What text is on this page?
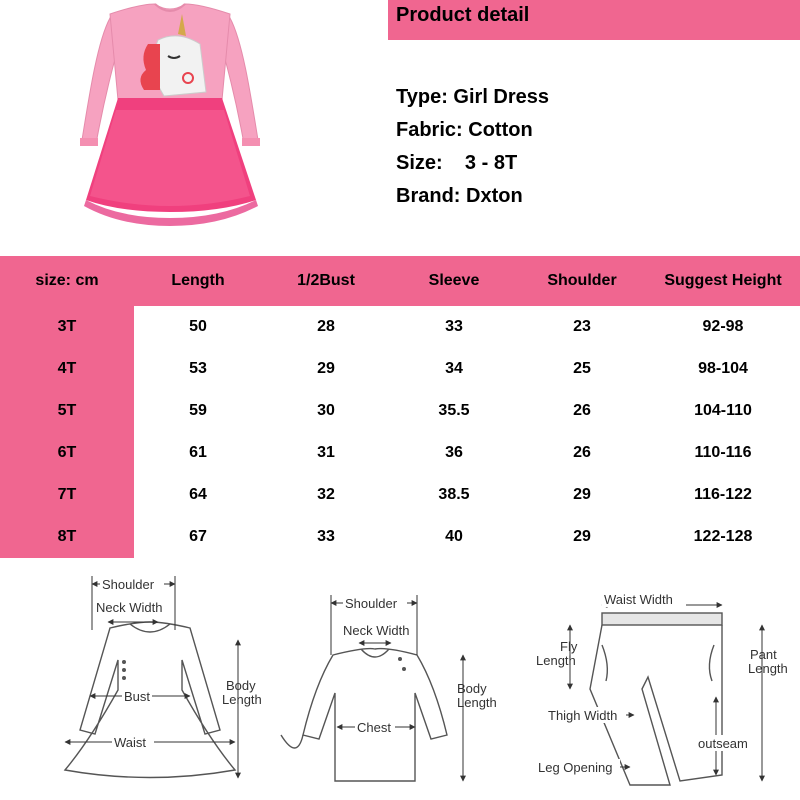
Product detail
Type: Girl Dress
Fabric: Cotton
Size: 3 - 8T
Brand: Dxton
size: cm	Length	1/2Bust	Sleeve	Shoulder	Suggest Height
3T	50	28	33	23	92-98
4T	53	29	34	25	98-104
5T	59	30	35.5	26	104-110
6T	61	31	36	26	110-116
7T	64	32	38.5	29	116-122
8T	67	33	40	29	122-128
Shoulder
Neck Width
Bust
Waist
Body
Length
Shoulder
Neck Width
Chest
Body
Length
Waist Width
Fly
Length	Pant
Length
Thigh Width
outseam
Leg Opening
